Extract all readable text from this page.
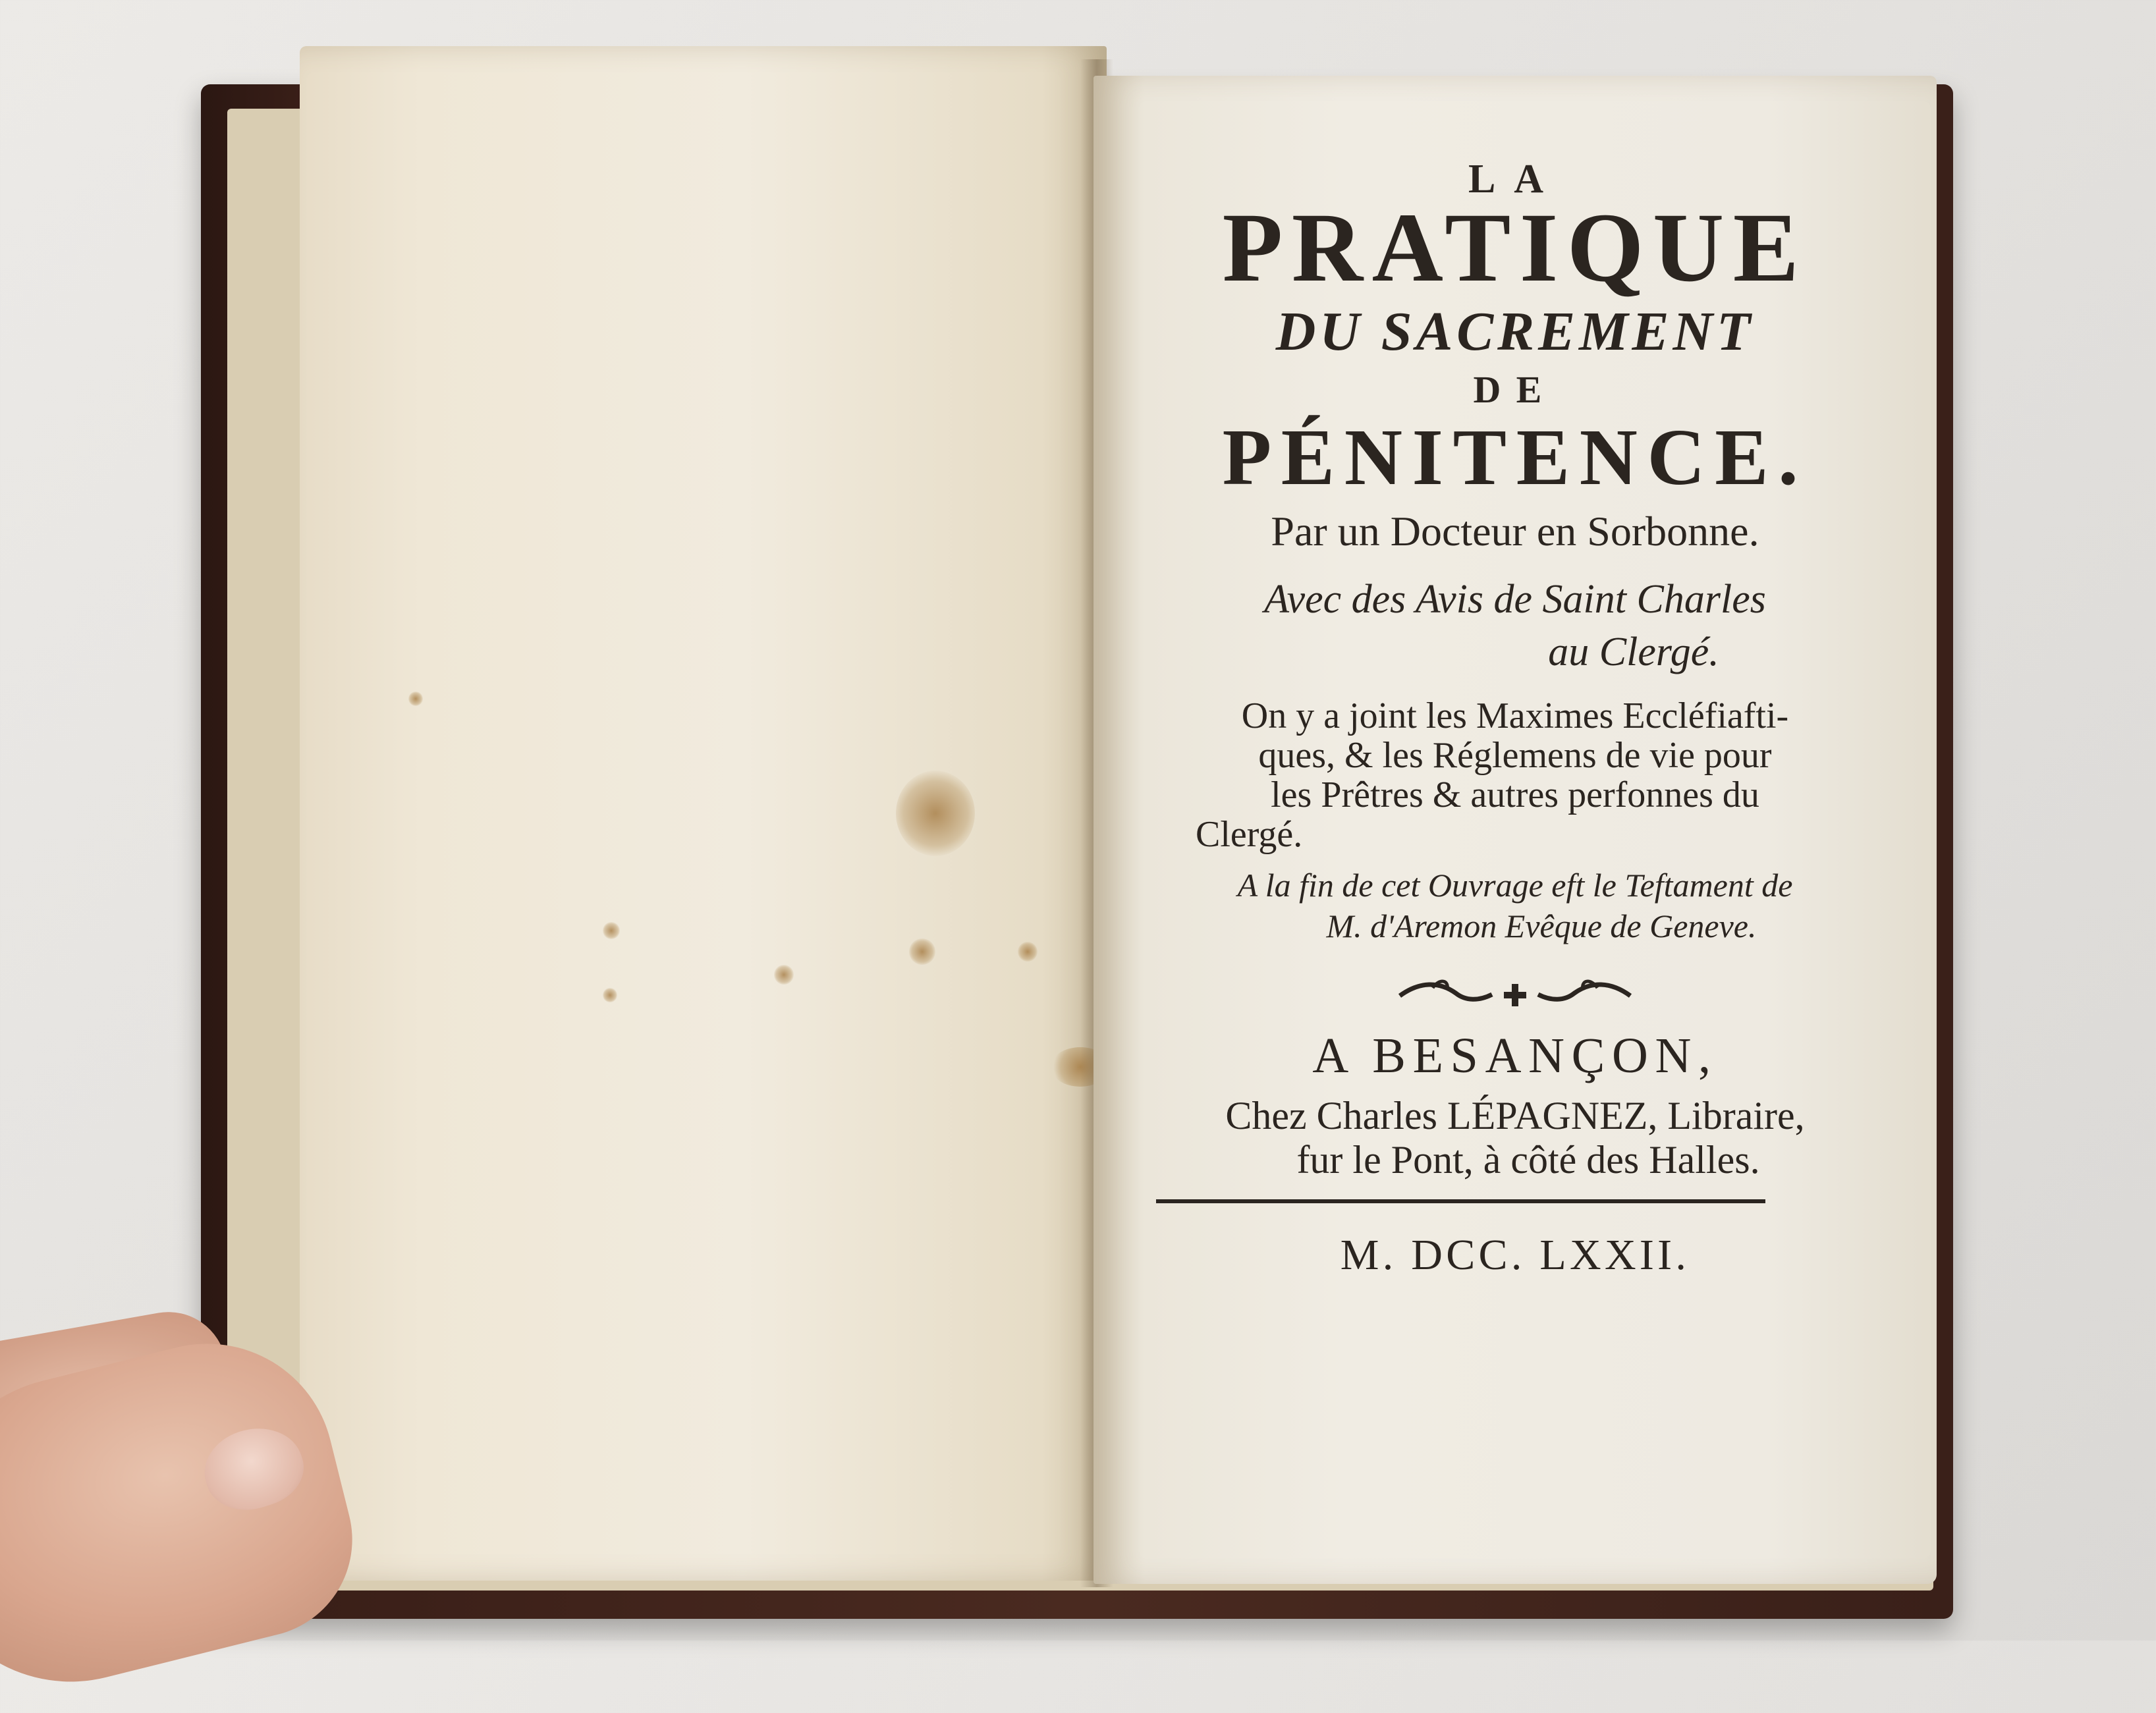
LA
PRATIQUE
DU SACREMENT
DE
PÉNITENCE.
Par un Docteur en Sorbonne.
Avec des Avis de Saint Charles
au Clergé.
On y a joint les Maximes Eccléfiafti-
ques, & les Réglemens de vie pour
les Prêtres & autres perfonnes du
Clergé.
A la fin de cet Ouvrage eft le Teftament de
M. d'Aremon Evêque de Geneve.
A BESANÇON,
Chez Charles LÉPAGNEZ, Libraire,
fur le Pont, à côté des Halles.
M. DCC. LXXII.
